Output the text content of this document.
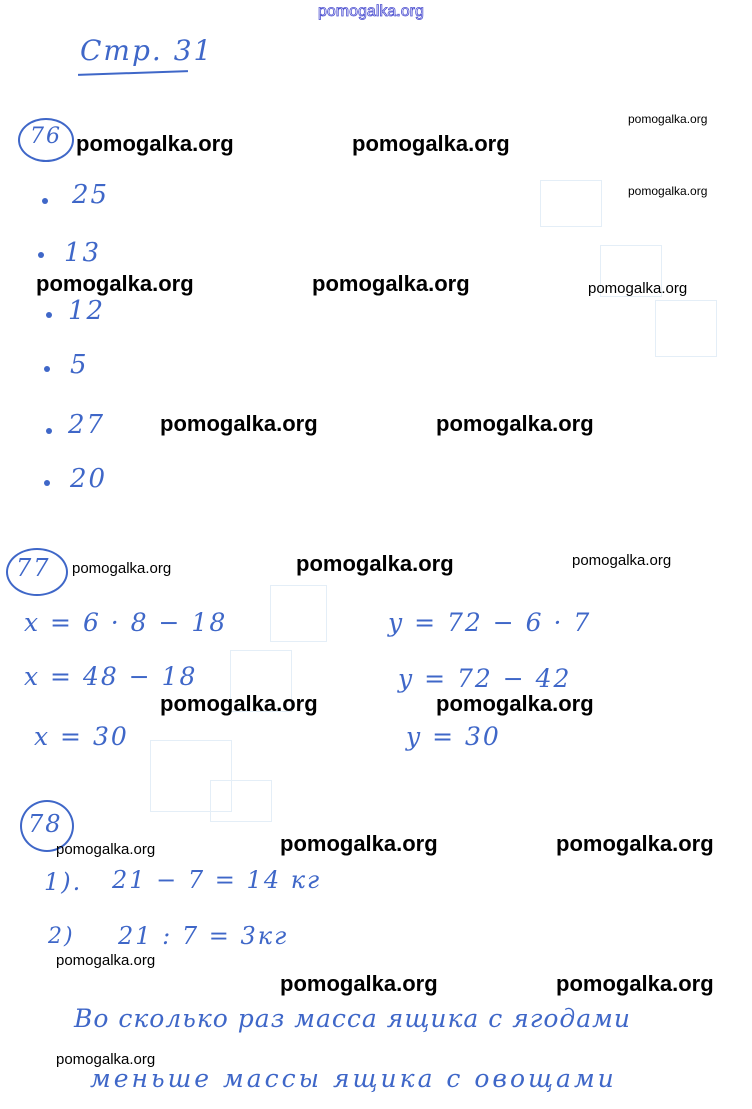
pomogalka.org
Стр. 31
76
25
13
12
5
27
20
77
x = 6 · 8 − 18
x = 48 − 18
x = 30
y = 72 − 6 · 7
y = 72 − 42
y = 30
78
1). 21 − 7 = 14 кг
2) 21 : 7 = 3кг
Во сколько раз масса ящика с ягодами
меньше массы ящика с овощами
pomogalka.org
pomogalka.org	pomogalka.org
pomogalka.org
pomogalka.org	pomogalka.org	pomogalka.org
pomogalka.org	pomogalka.org
pomogalka.org	pomogalka.org	pomogalka.org
pomogalka.org	pomogalka.org
pomogalka.org	pomogalka.org	pomogalka.org
pomogalka.org
pomogalka.org	pomogalka.org
pomogalka.org
